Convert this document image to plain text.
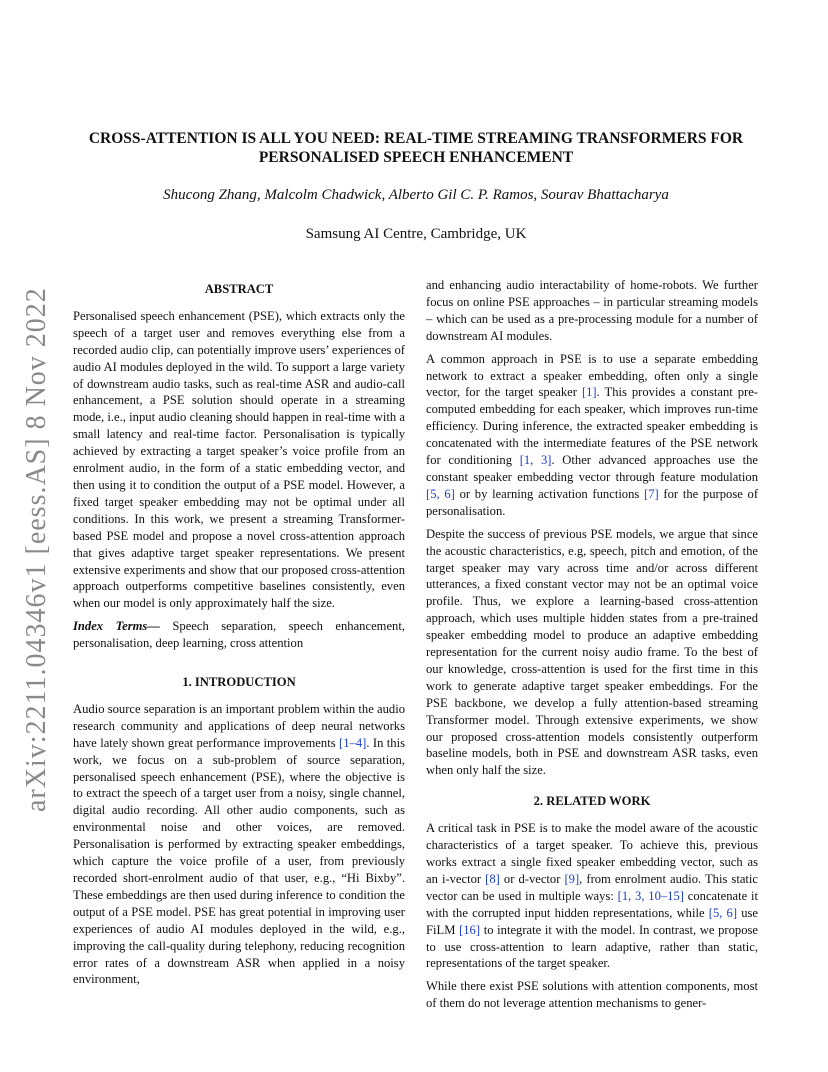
arXiv:2211.04346v1 [eess.AS] 8 Nov 2022
CROSS-ATTENTION IS ALL YOU NEED: REAL-TIME STREAMING TRANSFORMERS FOR PERSONALISED SPEECH ENHANCEMENT
Shucong Zhang, Malcolm Chadwick, Alberto Gil C. P. Ramos, Sourav Bhattacharya
Samsung AI Centre, Cambridge, UK
ABSTRACT

Personalised speech enhancement (PSE), which extracts only the speech of a target user and removes everything else from a recorded audio clip, can potentially improve users’ experiences of audio AI modules deployed in the wild. To support a large variety of downstream audio tasks, such as real-time ASR and audio-call enhancement, a PSE solution should operate in a streaming mode, i.e., input audio cleaning should happen in real-time with a small latency and real-time factor. Personalisation is typically achieved by extracting a target speaker’s voice profile from an enrolment audio, in the form of a static embedding vector, and then using it to condition the output of a PSE model. However, a fixed target speaker embedding may not be optimal under all conditions. In this work, we present a streaming Transformer-based PSE model and propose a novel cross-attention approach that gives adaptive target speaker representations. We present extensive experiments and show that our proposed cross-attention approach outperforms competitive baselines consistently, even when our model is only approximately half the size.

Index Terms— Speech separation, speech enhancement, personalisation, deep learning, cross attention

1. INTRODUCTION

Audio source separation is an important problem within the audio research community and applications of deep neural networks have lately shown great performance improvements [1–4]. In this work, we focus on a sub-problem of source separation, personalised speech enhancement (PSE), where the objective is to extract the speech of a target user from a noisy, single channel, digital audio recording. All other audio components, such as environmental noise and other voices, are removed. Personalisation is performed by extracting speaker embeddings, which capture the voice profile of a user, from previously recorded short-enrolment audio of that user, e.g., “Hi Bixby”. These embeddings are then used during inference to condition the output of a PSE model. PSE has great potential in improving user experiences of audio AI modules deployed in the wild, e.g., improving the call-quality during telephony, reducing recognition error rates of a downstream ASR when applied in a noisy environment,

and enhancing audio interactability of home-robots. We further focus on online PSE approaches – in particular streaming models – which can be used as a pre-processing module for a number of downstream AI modules.

A common approach in PSE is to use a separate embedding network to extract a speaker embedding, often only a single vector, for the target speaker [1]. This provides a constant pre-computed embedding for each speaker, which improves run-time efficiency. During inference, the extracted speaker embedding is concatenated with the intermediate features of the PSE network for conditioning [1, 3]. Other advanced approaches use the constant speaker embedding vector through feature modulation [5, 6] or by learning activation functions [7] for the purpose of personalisation.

Despite the success of previous PSE models, we argue that since the acoustic characteristics, e.g, speech, pitch and emotion, of the target speaker may vary across time and/or across different utterances, a fixed constant vector may not be an optimal voice profile. Thus, we explore a learning-based cross-attention approach, which uses multiple hidden states from a pre-trained speaker embedding model to produce an adaptive embedding representation for the current noisy audio frame. To the best of our knowledge, cross-attention is used for the first time in this work to generate adaptive target speaker embeddings. For the PSE backbone, we develop a fully attention-based streaming Transformer model. Through extensive experiments, we show our proposed cross-attention models consistently outperform baseline models, both in PSE and downstream ASR tasks, even when only half the size.

2. RELATED WORK

A critical task in PSE is to make the model aware of the acoustic characteristics of a target speaker. To achieve this, previous works extract a single fixed speaker embedding vector, such as an i-vector [8] or d-vector [9], from enrolment audio. This static vector can be used in multiple ways: [1, 3, 10–15] concatenate it with the corrupted input hidden representations, while [5, 6] use FiLM [16] to integrate it with the model. In contrast, we propose to use cross-attention to learn adaptive, rather than static, representations of the target speaker.

While there exist PSE solutions with attention components, most of them do not leverage attention mechanisms to gener-
